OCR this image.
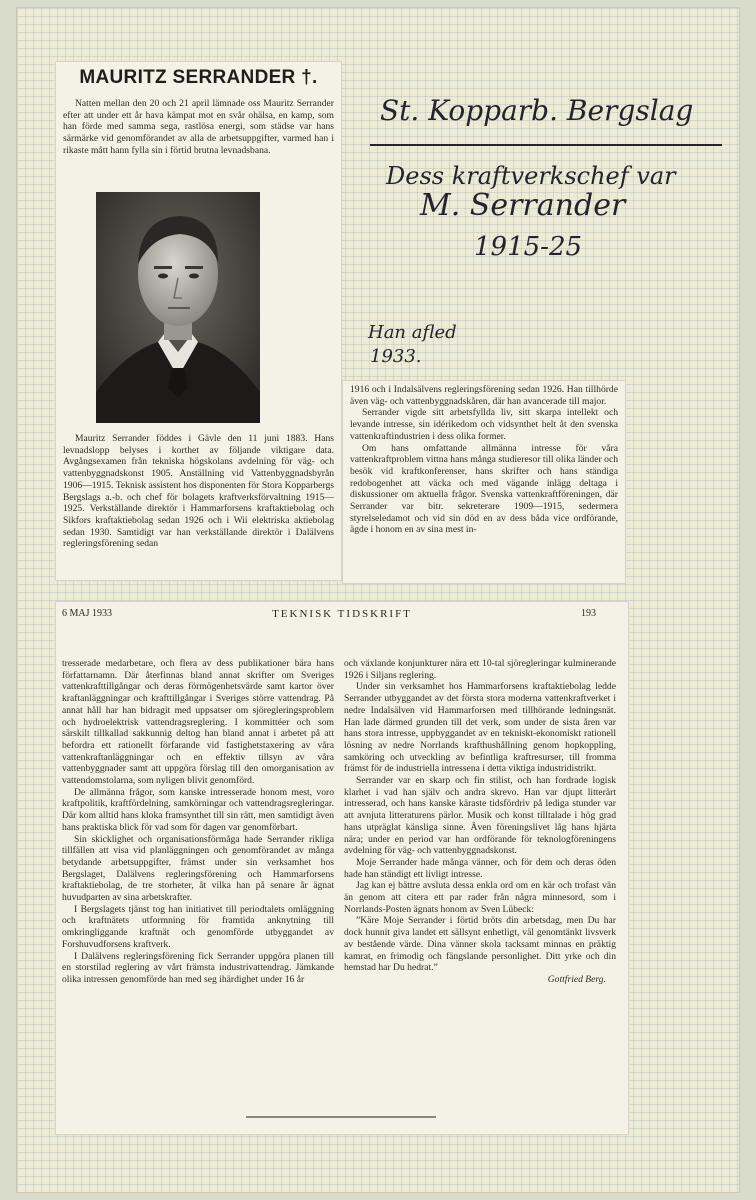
MAURITZ SERRANDER †.

Natten mellan den 20 och 21 april lämnade oss Mauritz Serrander efter att under ett år hava kämpat mot en svår ohälsa, en kamp, som han förde med samma sega, rastlösa energi, som städse var hans särmärke vid genomförandet av alla de arbetsuppgifter, varmed han i rikaste mått hann fylla sin i förtid brutna levnadsbana.

Mauritz Serrander föddes i Gävle den 11 juni 1883. Hans levnadslopp belyses i korthet av följande viktigare data. Avgångsexamen från tekniska högskolans avdelning för väg- och vattenbyggnadskonst 1905. Anställning vid Vattenbyggnadsbyrån 1906—1915. Teknisk assistent hos disponenten för Stora Kopparbergs Bergslags a.-b. och chef för bolagets kraftverksförvaltning 1915—1925. Verkställande direktör i Hammarforsens kraftaktiebolag och Sikfors kraftaktiebolag sedan 1926 och i Wii elektriska aktiebolag sedan 1930. Samtidigt var han verkställande direktör i Dalälvens regleringsförening sedan

St. Kopparb. Bergslag
Dess kraftverkschef var
M. Serrander
1915-25
Han afled
1933.

1916 och i Indalsälvens regleringsförening sedan 1926. Han tillhörde även väg- och vattenbyggnadskåren, där han avancerade till major.

Serrander vigde sitt arbetsfyllda liv, sitt skarpa intellekt och levande intresse, sin idérikedom och vidsynthet helt åt den svenska vattenkraftindustrien i dess olika former.

Om hans omfattande allmänna intresse för våra vattenkraftproblem vittna hans många studieresor till olika länder och besök vid kraftkonferenser, hans skrifter och hans ständiga redobogenhet att väcka och med vägande inlägg deltaga i diskussioner om aktuella frågor. Svenska vattenkraftföreningen, där Serrander var bitr. sekreterare 1909—1915, sedermera styrelseledamot och vid sin död en av dess båda vice ordförande, ägde i honom en av sina mest in-

6 MAJ 1933	TEKNISK TIDSKRIFT	193

tresserade medarbetare, och flera av dess publikationer bära hans författarnamn. Där återfinnas bland annat skrifter om Sveriges vattenkrafttillgångar och deras förmögenhetsvärde samt kartor över kraftanläggningar och krafttillgångar i Sveriges större vattendrag. På annat håll har han bidragit med uppsatser om sjöregleringsproblem och hydroelektrisk vattendragsreglering. I kommittéer och som särskilt tillkallad sakkunnig deltog han bland annat i arbetet på att befordra ett rationellt förfarande vid fastighetstaxering av våra vattenkraftanläggningar och en effektiv tillsyn av våra vattenbyggnader samt att uppgöra förslag till den omorganisation av vattendomstolarna, som nyligen blivit genomförd.

De allmänna frågor, som kanske intresserade honom mest, voro kraftpolitik, kraftfördelning, samkörningar och vattendragsregleringar. Där kom alltid hans kloka framsynthet till sin rätt, men samtidigt även hans praktiska blick för vad som för dagen var genomförbart.

Sin skicklighet och organisationsförmåga hade Serrander rikliga tillfällen att visa vid planläggningen och genomförandet av många betydande arbetsuppgifter, främst under sin verksamhet hos Bergslaget, Dalälvens regleringsförening och Hammarforsens kraftaktiebolag, de tre storheter, åt vilka han på senare år ägnat huvudparten av sina arbetskrafter.

I Bergslagets tjänst tog han initiativet till periodtalets omläggning och kraftnätets utformning för framtida anknytning till omkringliggande kraftnät och genomförde utbyggandet av Forshuvudforsens kraftverk.

I Dalälvens regleringsförening fick Serrander uppgöra planen till en storstilad reglering av vårt främsta industrivattendrag. Jämkande olika intressen genomförde han med seg ihärdighet under 16 år

och växlande konjunkturer nära ett 10-tal sjöregleringar kulminerande 1926 i Siljans reglering.

Under sin verksamhet hos Hammarforsens kraftaktiebolag ledde Serrander utbyggandet av det första stora moderna vattenkraftverket i nedre Indalsälven vid Hammarforsen med tillhörande ledningsnät. Han lade därmed grunden till det verk, som under de sista åren var hans stora intresse, uppbyggandet av en tekniskt-ekonomiskt rationell lösning av nedre Norrlands krafthushållning genom hopkoppling, samköring och utveckling av befintliga kraftresurser, till fromma främst för de industriella intressena i detta viktiga industridistrikt.

Serrander var en skarp och fin stilist, och han fordrade logisk klarhet i vad han själv och andra skrevo. Han var djupt litterärt intresserad, och hans kanske käraste tidsfördriv på lediga stunder var att avnjuta litteraturens pärlor. Musik och konst tilltalade i hög grad hans utpräglat känsliga sinne. Även föreningslivet låg hans hjärta nära; under en period var han ordförande för teknologföreningens avdelning för väg- och vattenbyggnadskonst.

Moje Serrander hade många vänner, och för dem och deras öden hade han ständigt ett livligt intresse.

Jag kan ej bättre avsluta dessa enkla ord om en kär och trofast vän än genom att citera ett par rader från några minnesord, som i Norrlands-Posten ägnats honom av Sven Lübeck:

”Käre Moje Serrander i förtid bröts din arbetsdag, men Du har dock hunnit giva landet ett sällsynt enhetligt, väl genomtänkt livsverk av bestående värde. Dina vänner skola tacksamt minnas en präktig kamrat, en frimodig och fängslande personlighet. Ditt yrke och din hemstad har Du hedrat.”

Gottfried Berg.
